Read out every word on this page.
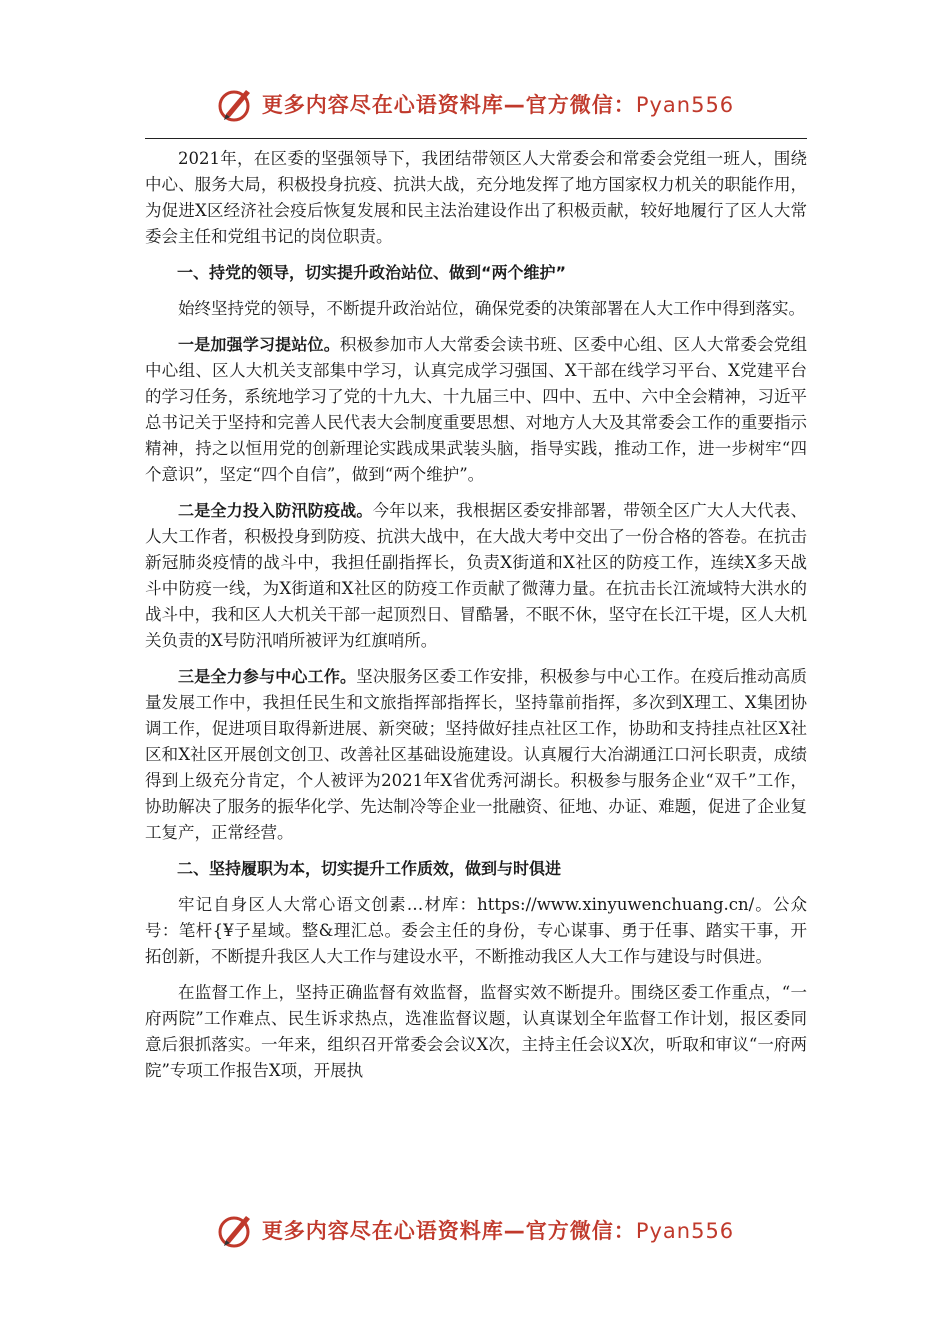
更多内容尽在心语资料库—官方微信：Pyan556

2021年，在区委的坚强领导下，我团结带领区人大常委会和常委会党组一班人，围绕中心、服务大局，积极投身抗疫、抗洪大战，充分地发挥了地方国家权力机关的职能作用，为促进X区经济社会疫后恢复发展和民主法治建设作出了积极贡献，较好地履行了区人大常委会主任和党组书记的岗位职责。

一、持党的领导，切实提升政治站位、做到“两个维护”

始终坚持党的领导，不断提升政治站位，确保党委的决策部署在人大工作中得到落实。

一是加强学习提站位。积极参加市人大常委会读书班、区委中心组、区人大常委会党组中心组、区人大机关支部集中学习，认真完成学习强国、X干部在线学习平台、X党建平台的学习任务，系统地学习了党的十九大、十九届三中、四中、五中、六中全会精神，习近平总书记关于坚持和完善人民代表大会制度重要思想、对地方人大及其常委会工作的重要指示精神，持之以恒用党的创新理论实践成果武装头脑，指导实践，推动工作，进一步树牢“四个意识”，坚定“四个自信”，做到“两个维护”。

二是全力投入防汛防疫战。今年以来，我根据区委安排部署，带领全区广大人大代表、人大工作者，积极投身到防疫、抗洪大战中，在大战大考中交出了一份合格的答卷。在抗击新冠肺炎疫情的战斗中，我担任副指挥长，负责X街道和X社区的防疫工作，连续X多天战斗中防疫一线，为X街道和X社区的防疫工作贡献了微薄力量。在抗击长江流域特大洪水的战斗中，我和区人大机关干部一起顶烈日、冒酷暑，不眠不休，坚守在长江干堤，区人大机关负责的X号防汛哨所被评为红旗哨所。

三是全力参与中心工作。坚决服务区委工作安排，积极参与中心工作。在疫后推动高质量发展工作中，我担任民生和文旅指挥部指挥长，坚持靠前指挥，多次到X理工、X集团协调工作，促进项目取得新进展、新突破；坚持做好挂点社区工作，协助和支持挂点社区X社区和X社区开展创文创卫、改善社区基础设施建设。认真履行大冶湖通江口河长职责，成绩得到上级充分肯定，个人被评为2021年X省优秀河湖长。积极参与服务企业“双千”工作，协助解决了服务的振华化学、先达制冷等企业一批融资、征地、办证、难题，促进了企业复工复产，正常经营。

二、坚持履职为本，切实提升工作质效，做到与时俱进

牢记自身区人大常心语文创素…材库：https://www.xinyuwenchuang.cn/。公众号：笔杆{¥子星域。整&理汇总。委会主任的身份，专心谋事、勇于任事、踏实干事，开拓创新，不断提升我区人大工作与建设水平，不断推动我区人大工作与建设与时俱进。

在监督工作上，坚持正确监督有效监督，监督实效不断提升。围绕区委工作重点，“一府两院”工作难点、民生诉求热点，选准监督议题，认真谋划全年监督工作计划，报区委同意后狠抓落实。一年来，组织召开常委会会议X次，主持主任会议X次，听取和审议“一府两院”专项工作报告X项，开展执

更多内容尽在心语资料库—官方微信：Pyan556
